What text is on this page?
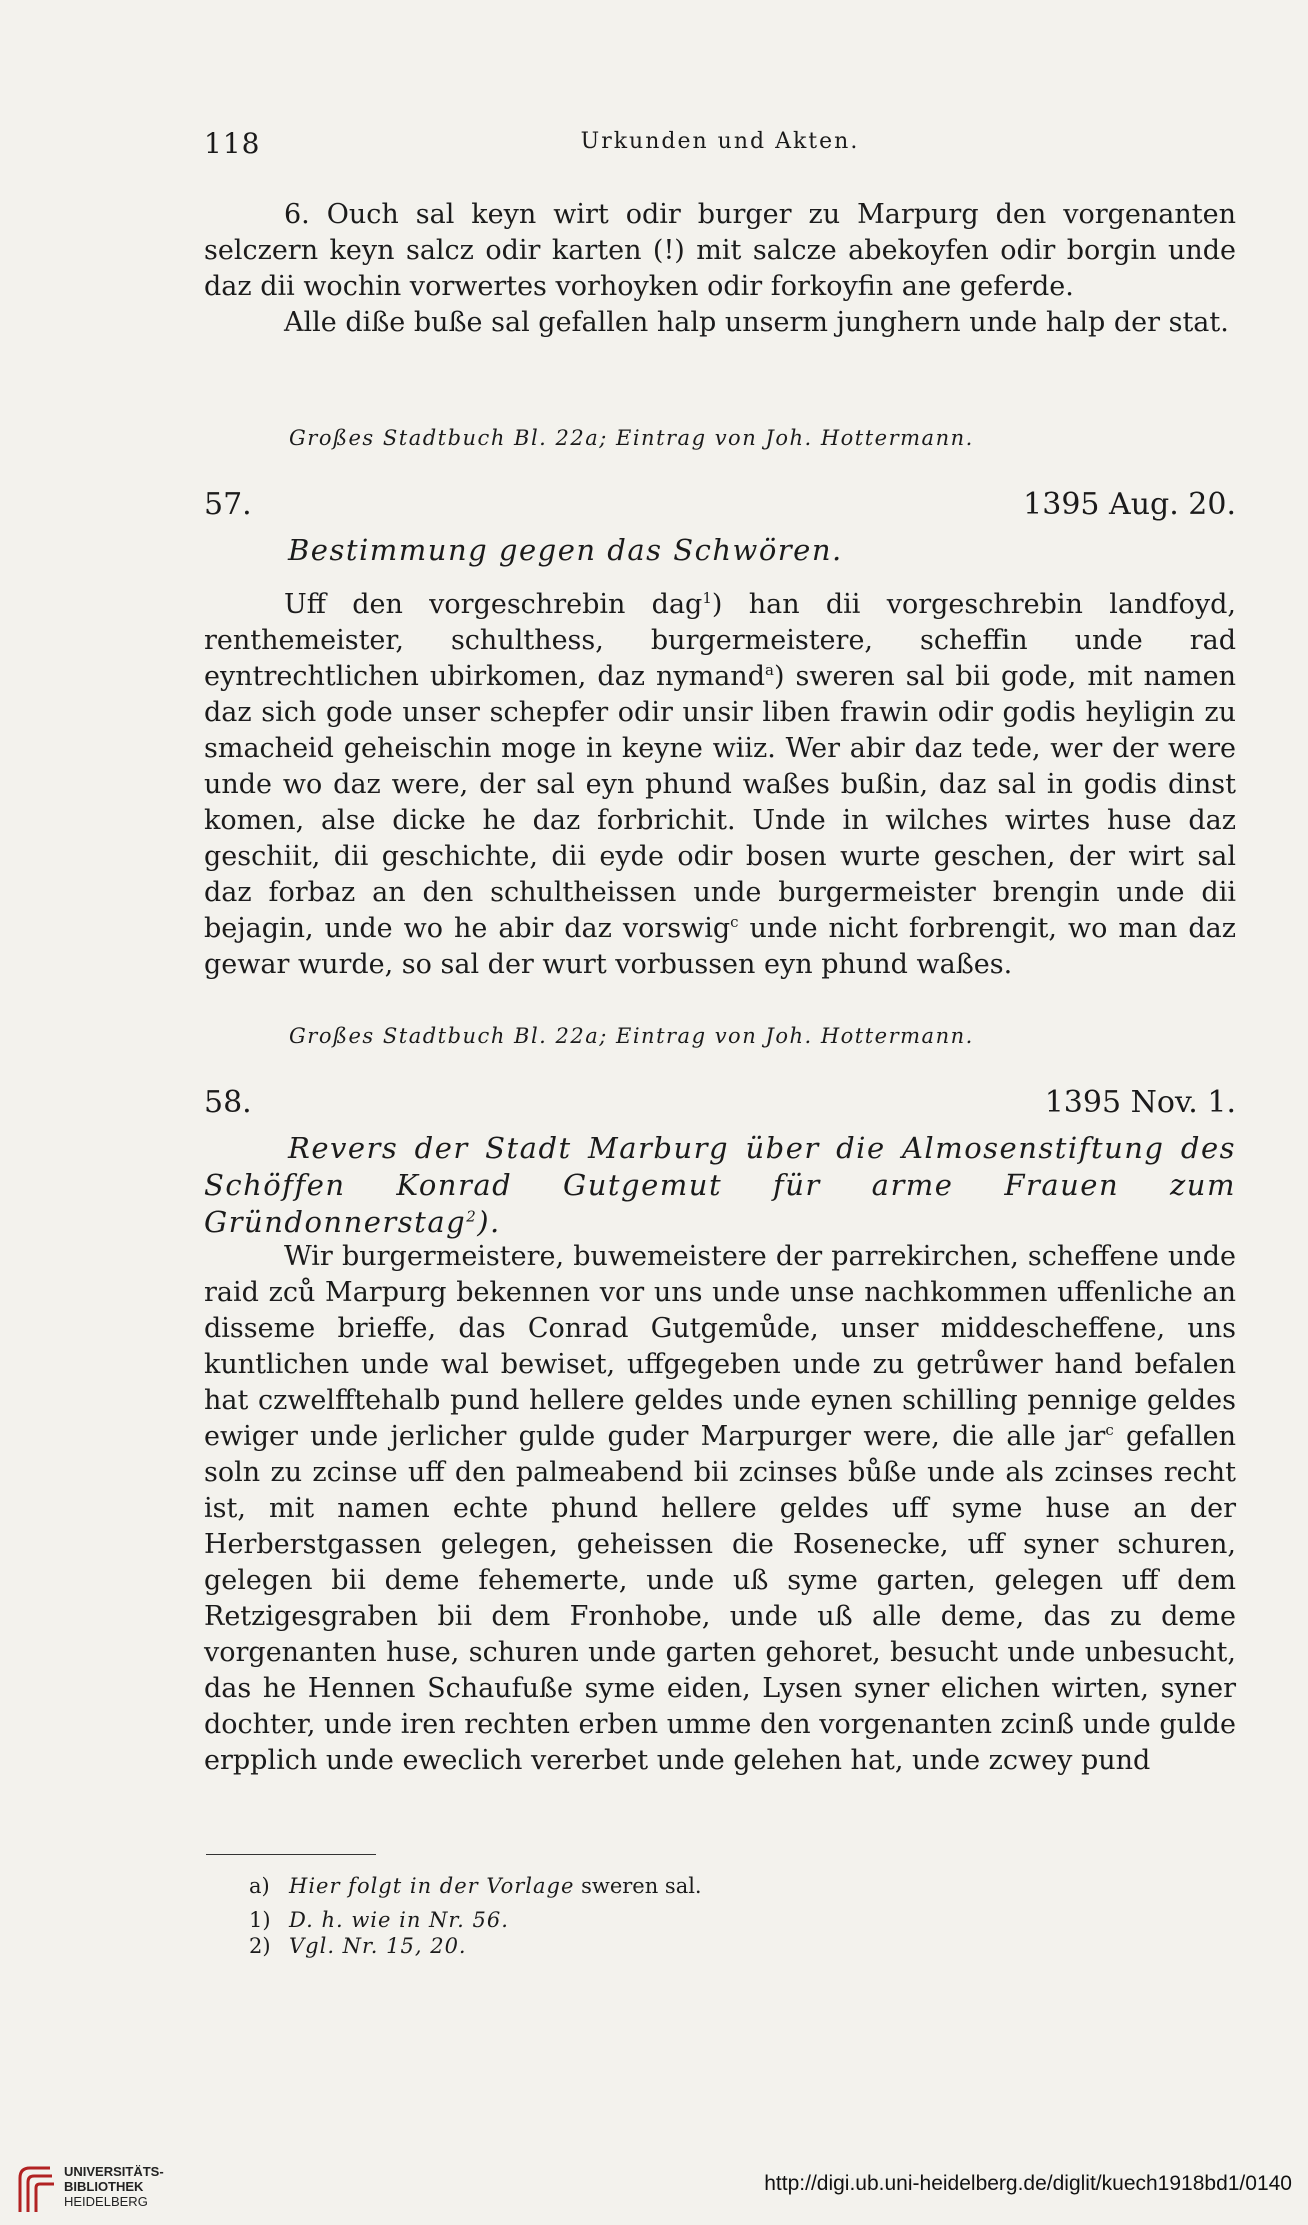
118	Urkunden und Akten.

6. Ouch sal keyn wirt odir burger zu Marpurg den vorgenanten selczern keyn salcz odir karten (!) mit salcze abekoyfen odir borgin unde daz dii wochin vorwertes vorhoyken odir forkoyfin ane geferde.

Alle diße buße sal gefallen halp unserm junghern unde halp der stat.

Großes Stadtbuch Bl. 22a; Eintrag von Joh. Hottermann.
57.	1395 Aug. 20.
Bestimmung gegen das Schwören.

Uff den vorgeschrebin dag$^1$) han dii vorgeschrebin landfoyd, renthemeister, schulthess, burgermeistere, scheffin unde rad eyntrechtlichen ubirkomen, daz nymand$^a$) sweren sal bii gode, mit namen daz sich gode unser schepfer odir unsir liben frawin odir godis heyligin zu smacheid geheischin moge in keyne wiiz. Wer abir daz tede, wer der were unde wo daz were, der sal eyn phund waßes bußin, daz sal in godis dinst komen, alse dicke he daz forbrichit. Unde in wilches wirtes huse daz geschiit, dii geschichte, dii eyde odir bosen wurte geschen, der wirt sal daz forbaz an den schultheissen unde burgermeister brengin unde dii bejagin, unde wo he abir daz vorswig$^c$ unde nicht forbrengit, wo man daz gewar wurde, so sal der wurt vorbussen eyn phund waßes.

Großes Stadtbuch Bl. 22a; Eintrag von Joh. Hottermann.
58.	1395 Nov. 1.
Revers der Stadt Marburg über die Almosenstiftung des Schöffen Konrad Gutgemut für arme Frauen zum Gründonnerstag$^2$).

Wir burgermeistere, buwemeistere der parrekirchen, scheffene unde raid zců Marpurg bekennen vor uns unde unse nachkommen uffenliche an disseme brieffe, das Conrad Gutgemůde, unser middescheffene, uns kuntlichen unde wal bewiset, uffgegeben unde zu getrůwer hand befalen hat czwelfftehalb pund hellere geldes unde eynen schilling pennige geldes ewiger unde jerlicher gulde guder Marpurger were, die alle jar$^c$ gefallen soln zu zcinse uff den palmeabend bii zcinses bůße unde als zcinses recht ist, mit namen echte phund hellere geldes uff syme huse an der Herberstgassen gelegen, geheissen die Rosenecke, uff syner schuren, gelegen bii deme fehemerte, unde uß syme garten, gelegen uff dem Retzigesgraben bii dem Fronhobe, unde uß alle deme, das zu deme vorgenanten huse, schuren unde garten gehoret, besucht unde unbesucht, das he Hennen Schaufuße syme eiden, Lysen syner elichen wirten, syner dochter, unde iren rechten erben umme den vorgenanten zcinß unde gulde erpplich unde eweclich vererbet unde gelehen hat, unde zcwey pund

a) Hier folgt in der Vorlage sweren sal.
1) D. h. wie in Nr. 56.
2) Vgl. Nr. 15, 20.
UNIVERSITÄTS-
BIBLIOTHEK
HEIDELBERG
http://digi.ub.uni-heidelberg.de/diglit/kuech1918bd1/0140
